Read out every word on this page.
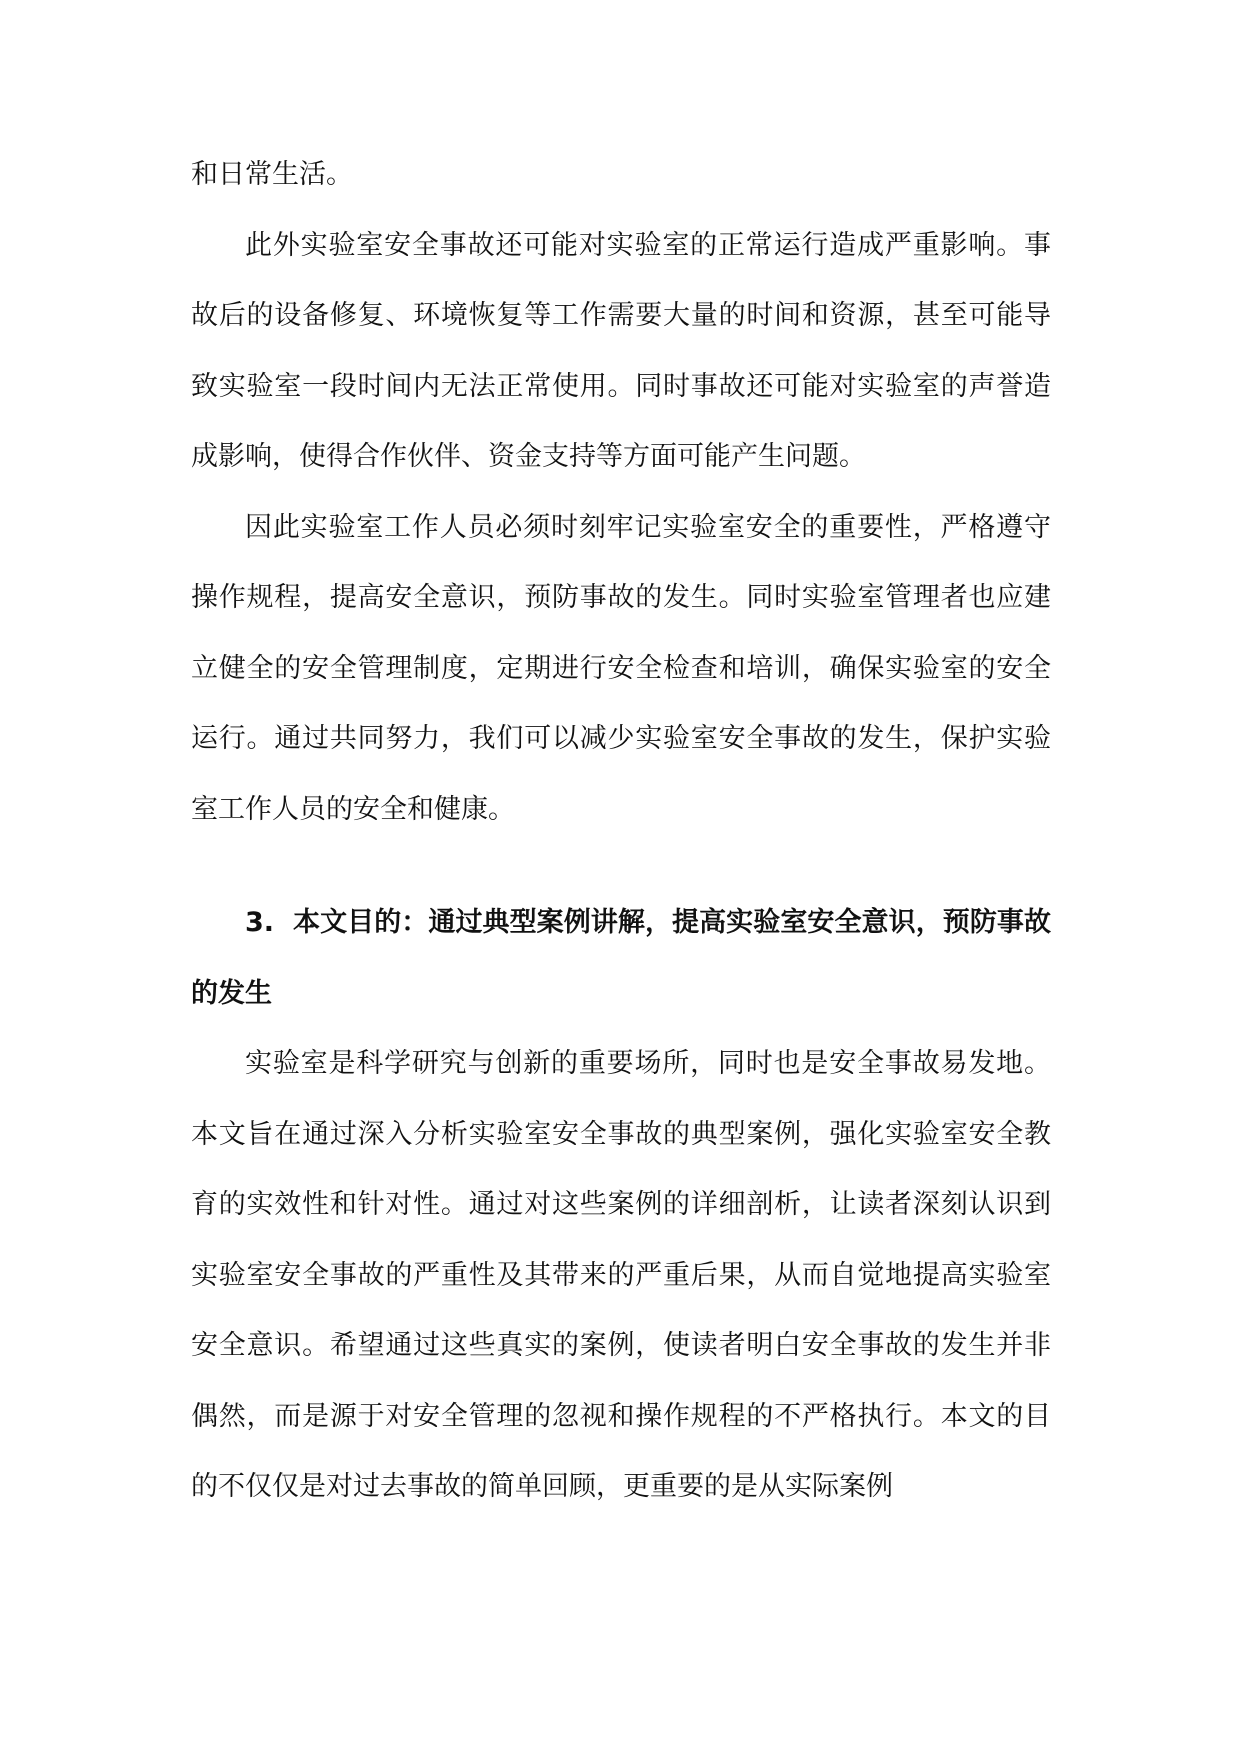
和日常生活。

此外实验室安全事故还可能对实验室的正常运行造成严重影响。事故后的设备修复、环境恢复等工作需要大量的时间和资源，甚至可能导致实验室一段时间内无法正常使用。同时事故还可能对实验室的声誉造成影响，使得合作伙伴、资金支持等方面可能产生问题。

因此实验室工作人员必须时刻牢记实验室安全的重要性，严格遵守操作规程，提高安全意识，预防事故的发生。同时实验室管理者也应建立健全的安全管理制度，定期进行安全检查和培训，确保实验室的安全运行。通过共同努力，我们可以减少实验室安全事故的发生，保护实验室工作人员的安全和健康。

3. 本文目的：通过典型案例讲解，提高实验室安全意识，预防事故的发生

实验室是科学研究与创新的重要场所，同时也是安全事故易发地。本文旨在通过深入分析实验室安全事故的典型案例，强化实验室安全教育的实效性和针对性。通过对这些案例的详细剖析，让读者深刻认识到实验室安全事故的严重性及其带来的严重后果，从而自觉地提高实验室安全意识。希望通过这些真实的案例，使读者明白安全事故的发生并非偶然，而是源于对安全管理的忽视和操作规程的不严格执行。本文的目的不仅仅是对过去事故的简单回顾，更重要的是从实际案例
